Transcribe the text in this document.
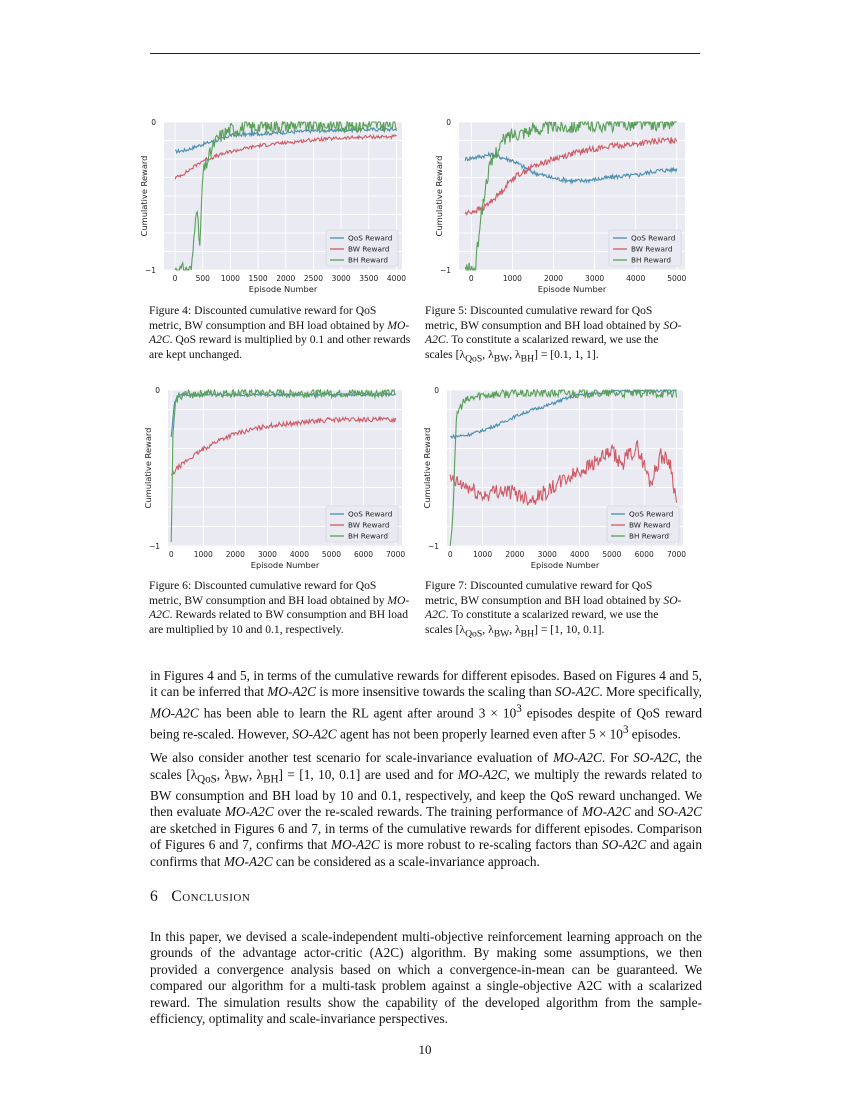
0 500 1000 1500 2000 2500 3000 3500 4000
−1
0
Episode Number
Cumulative Reward
QoS Reward
BW Reward
BH Reward
0	1000	2000	3000	4000	5000
−1
0
Episode Number
Cumulative Reward
QoS Reward
BW Reward
BH Reward
0	1000 2000 3000 4000 5000 6000 7000
−1
0
Episode Number
Cumulative Reward
QoS Reward
BW Reward
BH Reward
0	1000 2000 3000 4000 5000 6000 7000
−1
0
Episode Number
Cumulative Reward
QoS Reward
BW Reward
BH Reward
Figure 4: Discounted cumulative reward for QoS metric, BW consumption and BH load obtained by MO-A2C. QoS reward is multiplied by 0.1 and other rewards are kept unchanged.
Figure 5: Discounted cumulative reward for QoS metric, BW consumption and BH load obtained by SO-A2C. To constitute a scalarized reward, we use the scales [$\lambda_{QoS}$, $\lambda_{BW}$, $\lambda_{BH}] = [0.1$, 1, 1].
Figure 6: Discounted cumulative reward for QoS metric, BW consumption and BH load obtained by MO-A2C. Rewards related to BW consumption and BH load are multiplied by 10 and 0.1, respectively.
Figure 7: Discounted cumulative reward for QoS metric, BW consumption and BH load obtained by SO-A2C. To constitute a scalarized reward, we use the scales [$\lambda_{QoS}$, $\lambda_{BW}$, $\lambda_{BH}] = [1$, 10, 0.1].

in Figures 4 and 5, in terms of the cumulative rewards for different episodes. Based on Figures 4 and 5, it can be inferred that MO-A2C is more insensitive towards the scaling than SO-A2C. More specifically, MO-A2C has been able to learn the RL agent after around $3 \times 10^3$ episodes despite of QoS reward being re-scaled. However, SO-A2C agent has not been properly learned even after $5 \times 10^3$ episodes.

We also consider another test scenario for scale-invariance evaluation of MO-A2C. For SO-A2C, the scales [$\lambda_{QoS}$, $\lambda_{BW}$, $\lambda_{BH}] = [1$, 10, 0.1] are used and for MO-A2C, we multiply the rewards related to BW consumption and BH load by 10 and 0.1, respectively, and keep the QoS reward unchanged. We then evaluate MO-A2C over the re-scaled rewards. The training performance of MO-A2C and SO-A2C are sketched in Figures 6 and 7, in terms of the cumulative rewards for different episodes. Comparison of Figures 6 and 7, confirms that MO-A2C is more robust to re-scaling factors than SO-A2C and again confirms that MO-A2C can be considered as a scale-invariance approach.

6 Conclusion

In this paper, we devised a scale-independent multi-objective reinforcement learning approach on the grounds of the advantage actor-critic (A2C) algorithm. By making some assumptions, we then provided a convergence analysis based on which a convergence-in-mean can be guaranteed. We compared our algorithm for a multi-task problem against a single-objective A2C with a scalarized reward. The simulation results show the capability of the developed algorithm from the sample-efficiency, optimality and scale-invariance perspectives.

10
